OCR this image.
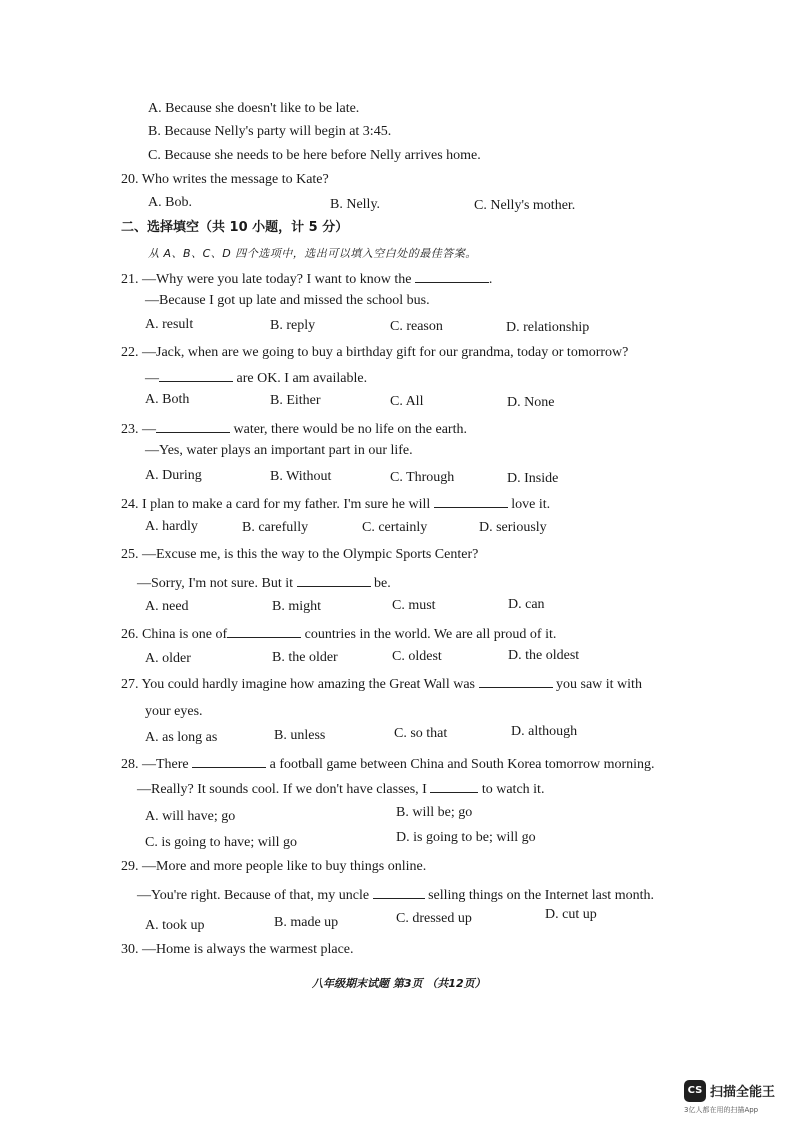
A. Because she doesn't like to be late.
B. Because Nelly's party will begin at 3:45.
C. Because she needs to be here before Nelly arrives home.
20. Who writes the message to Kate?
A. Bob.	B. Nelly.	C. Nelly's mother.
二、选择填空（共 10 小题，计 5 分）
从 A、B、C、D 四个选项中，选出可以填入空白处的最佳答案。
21. —Why were you late today? I want to know the	.
—Because I got up late and missed the school bus.
A. result	B. reply	C. reason	D. relationship
22. —Jack, when are we going to buy a birthday gift for our grandma, today or tomorrow?
—	are OK. I am available.
A. Both	B. Either	C. All	D. None
23. —	water, there would be no life on the earth.
—Yes, water plays an important part in our life.
A. During	B. Without	C. Through	D. Inside
24. I plan to make a card for my father. I'm sure he will	love it.
A. hardly	B. carefully	C. certainly	D. seriously
25. —Excuse me, is this the way to the Olympic Sports Center?
—Sorry, I'm not sure. But it	be.
A. need	B. might	C. must	D. can
26. China is one of	countries in the world. We are all proud of it.
A. older	B. the older	C. oldest	D. the oldest
27. You could hardly imagine how amazing the Great Wall was	you saw it with
your eyes.
A. as long as	B. unless	C. so that	D. although
28. —There	a football game between China and South Korea tomorrow morning.
—Really? It sounds cool. If we don't have classes, I	to watch it.
A. will have; go	B. will be; go
C. is going to have; will go	D. is going to be; will go
29. —More and more people like to buy things online.
—You're right. Because of that, my uncle	selling things on the Internet last month.
A. took up	B. made up	C. dressed up	D. cut up
30. —Home is always the warmest place.
八年级期末试题 第3页 （共12页）
CS 扫描全能王
3亿人都在用的扫描App
